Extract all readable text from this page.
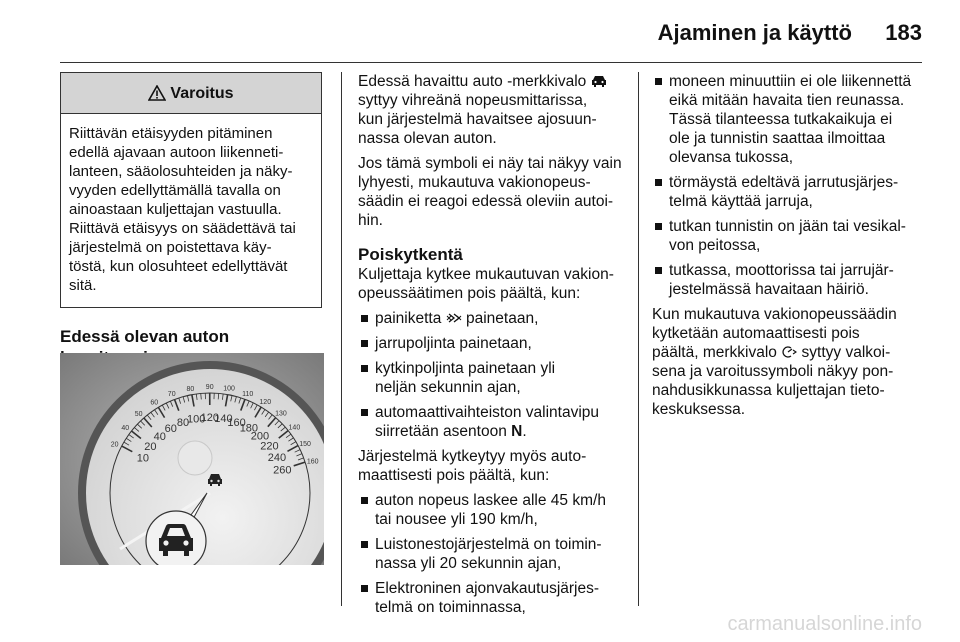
Ajaminen ja käyttö 183
Varoitus
Riittävän etäisyyden pitäminen
edellä ajavaan autoon liikenneti-
lanteen, sääolosuhteiden ja näky-
vyyden edellyttämällä tavalla on
ainoastaan kuljettajan vastuulla.
Riittävä etäisyys on säädettävä tai
järjestelmä on poistettava käy-
töstä, kun olosuhteet edellyttävät
sitä.
Edessä olevan auton
10
20
40
60 80
100
120
140
160
180
200
220
240
260
20
40
50
60
70
80 90 100
110
120
130
140
150
160

Edessä havaittu auto -merkkivalo
syttyy vihreänä nopeusmittarissa,
kun järjestelmä havaitsee ajosuun-
nassa olevan auton.

Jos tämä symboli ei näy tai näkyy vain
lyhyesti, mukautuva vakionopeus-
säädin ei reagoi edessä oleviin autoi-
hin.

Poiskytkentä

Kuljettaja kytkee mukautuvan vakion-
opeussäätimen pois päältä, kun:

painiketta painetaan,
jarrupoljinta painetaan,
kytkinpoljinta painetaan yli
neljän sekunnin ajan,
automaattivaihteiston valintavipu
siirretään asentoon N.

Järjestelmä kytkeytyy myös auto-
maattisesti pois päältä, kun:

auton nopeus laskee alle 45 km/h
tai nousee yli 190 km/h,
Luistonestojärjestelmä on toimin-
nassa yli 20 sekunnin ajan,
Elektroninen ajonvakautusjärjes-
telmä on toiminnassa,
moneen minuuttiin ei ole liikennettä
eikä mitään havaita tien reunassa.
Tässä tilanteessa tutkakaikuja ei
ole ja tunnistin saattaa ilmoittaa
olevansa tukossa,
törmäystä edeltävä jarrutusjärjes-
telmä käyttää jarruja,
tutkan tunnistin on jään tai vesikal-
von peitossa,
tutkassa, moottorissa tai jarrujär-
jestelmässä havaitaan häiriö.

Kun mukautuva vakionopeussäädin
kytketään automaattisesti pois
päältä, merkkivalo syttyy valkoi-
sena ja varoitussymboli näkyy pon-
nahdusikkunassa kuljettajan tieto-
keskuksessa.

carmanualsonline.info
